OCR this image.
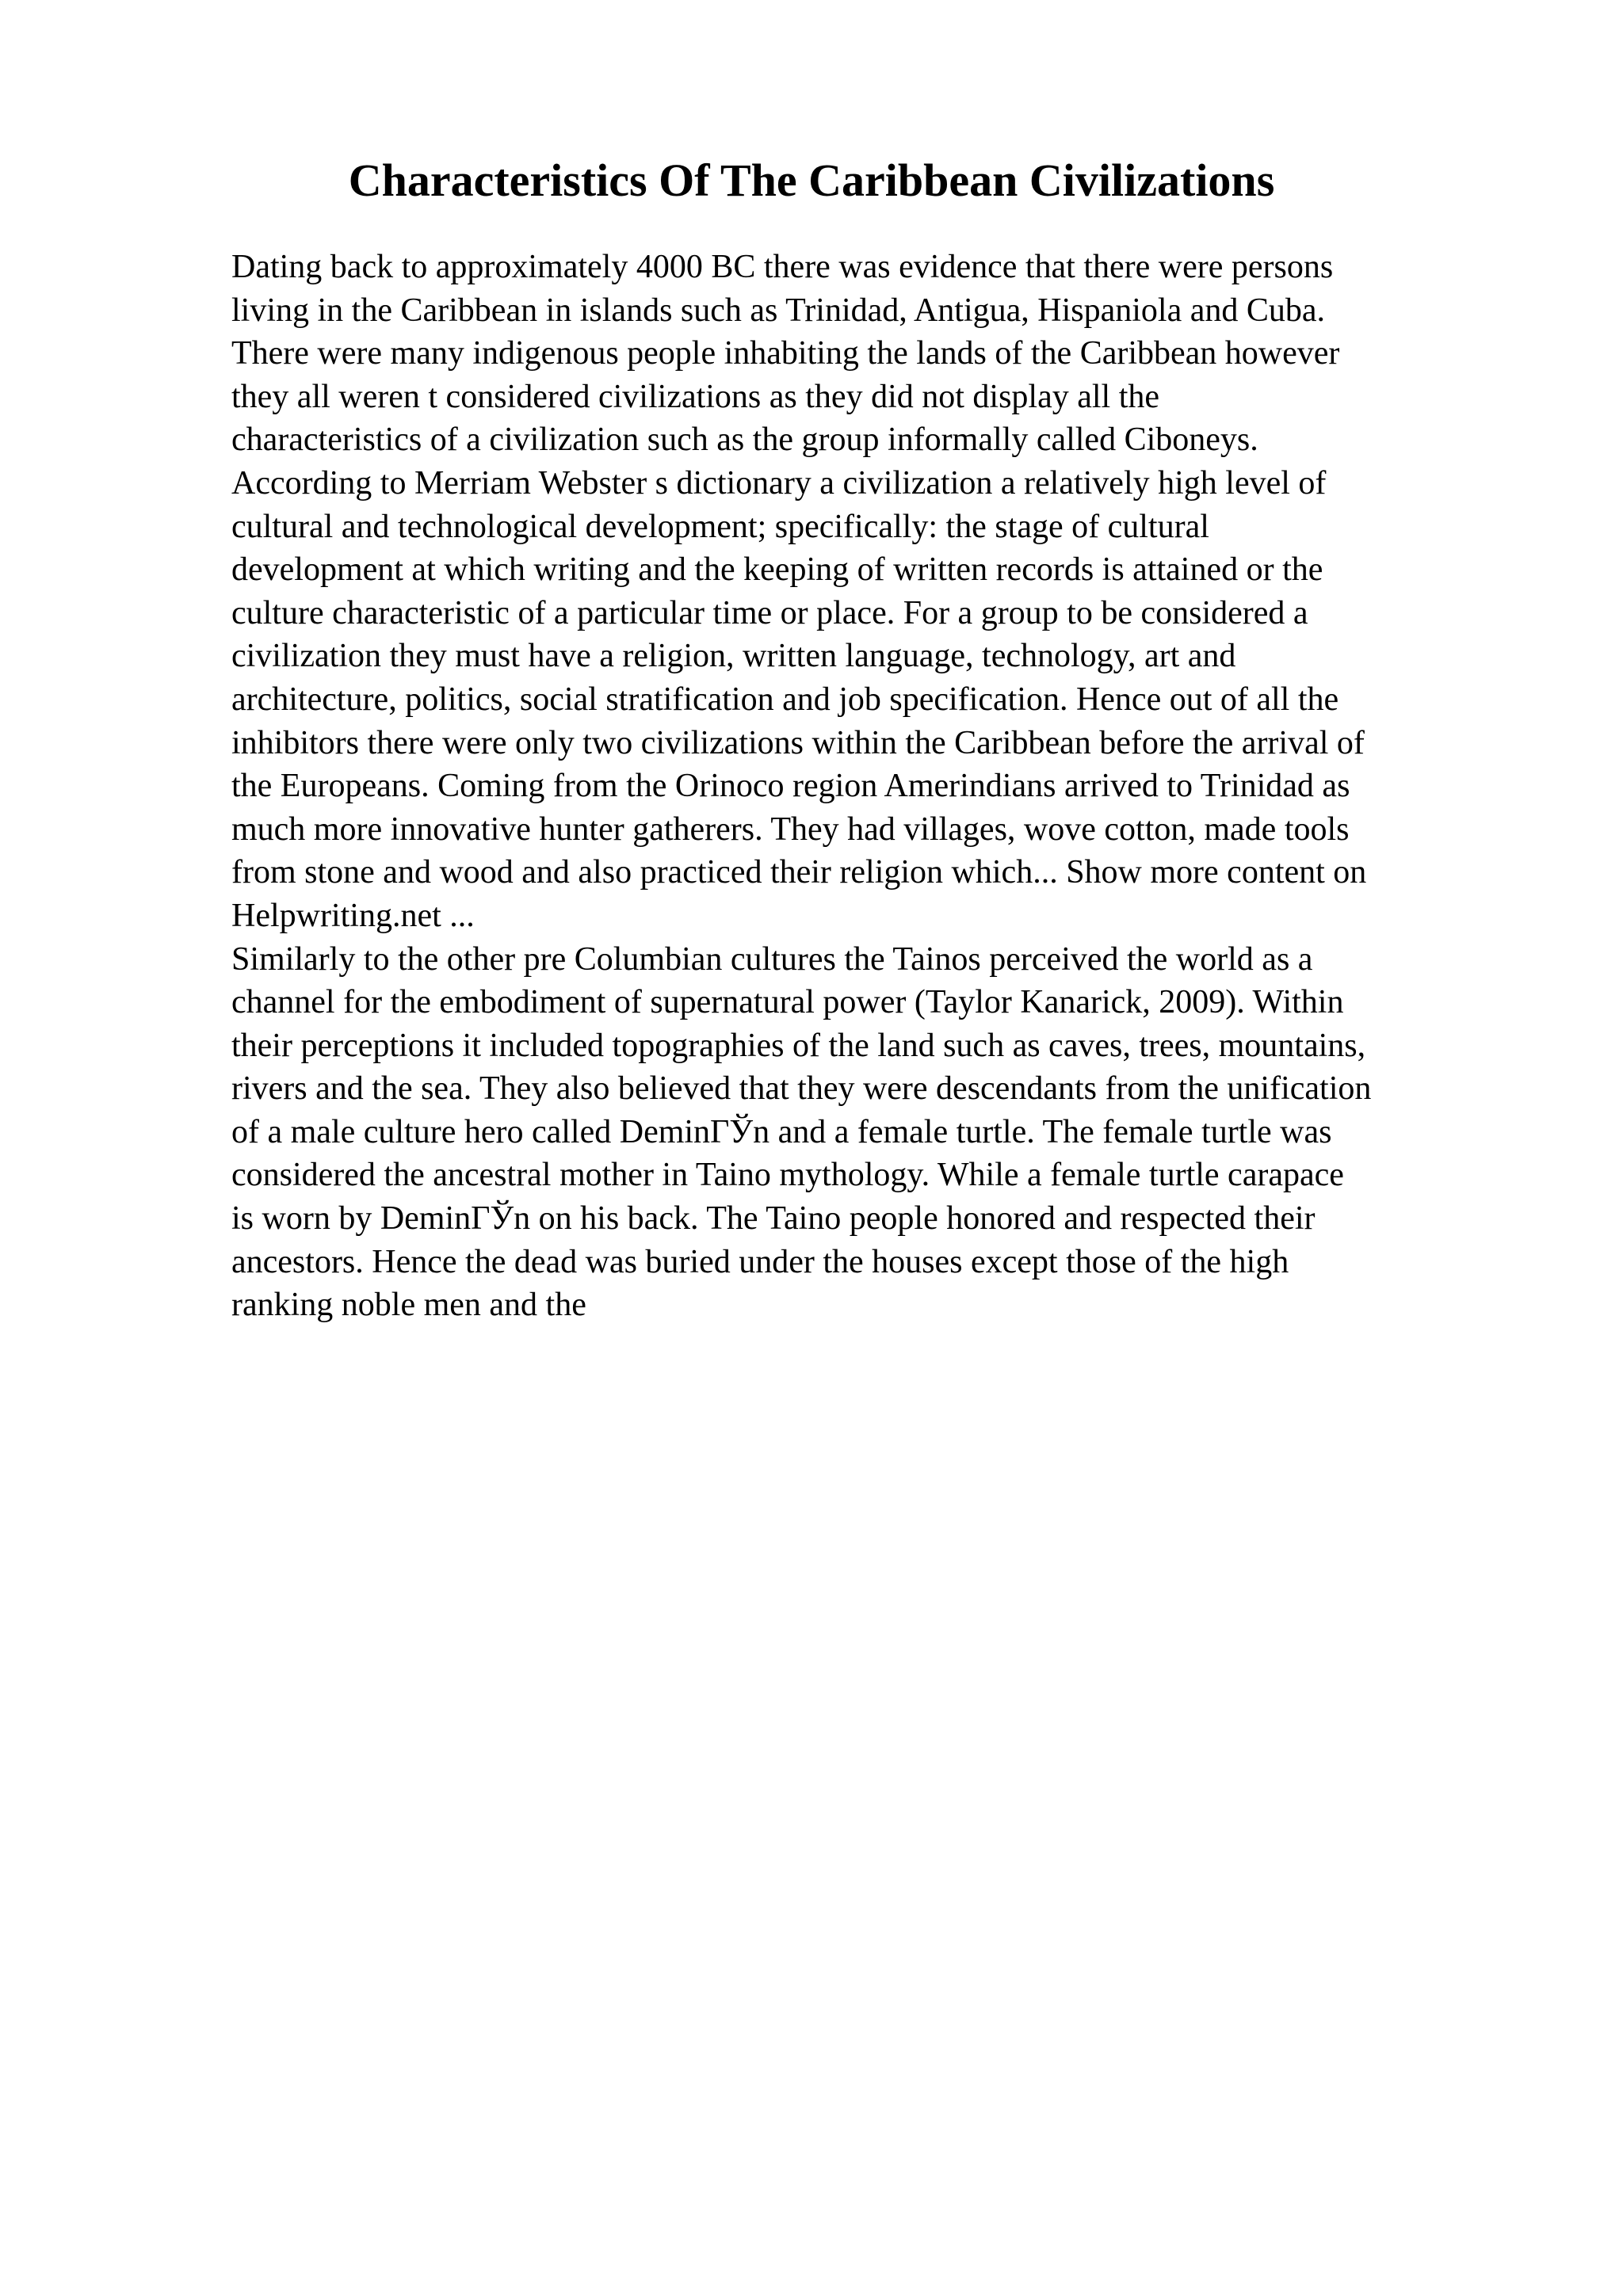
Characteristics Of The Caribbean Civilizations
Dating back to approximately 4000 BC there was evidence that there were persons
living in the Caribbean in islands such as Trinidad, Antigua, Hispaniola and Cuba.
There were many indigenous people inhabiting the lands of the Caribbean however
they all weren t considered civilizations as they did not display all the
characteristics of a civilization such as the group informally called Ciboneys.
According to Merriam Webster s dictionary a civilization a relatively high level of
cultural and technological development; specifically: the stage of cultural
development at which writing and the keeping of written records is attained or the
culture characteristic of a particular time or place. For a group to be considered a
civilization they must have a religion, written language, technology, art and
architecture, politics, social stratification and job specification. Hence out of all the
inhibitors there were only two civilizations within the Caribbean before the arrival of
the Europeans. Coming from the Orinoco region Amerindians arrived to Trinidad as
much more innovative hunter gatherers. They had villages, wove cotton, made tools
from stone and wood and also practiced their religion which... Show more content on
Helpwriting.net ...
Similarly to the other pre Columbian cultures the Tainos perceived the world as a
channel for the embodiment of supernatural power (Taylor Kanarick, 2009). Within
their perceptions it included topographies of the land such as caves, trees, mountains,
rivers and the sea. They also believed that they were descendants from the unification
of a male culture hero called DeminГЎn and a female turtle. The female turtle was
considered the ancestral mother in Taino mythology. While a female turtle carapace
is worn by DeminГЎn on his back. The Taino people honored and respected their
ancestors. Hence the dead was buried under the houses except those of the high
ranking noble men and the
